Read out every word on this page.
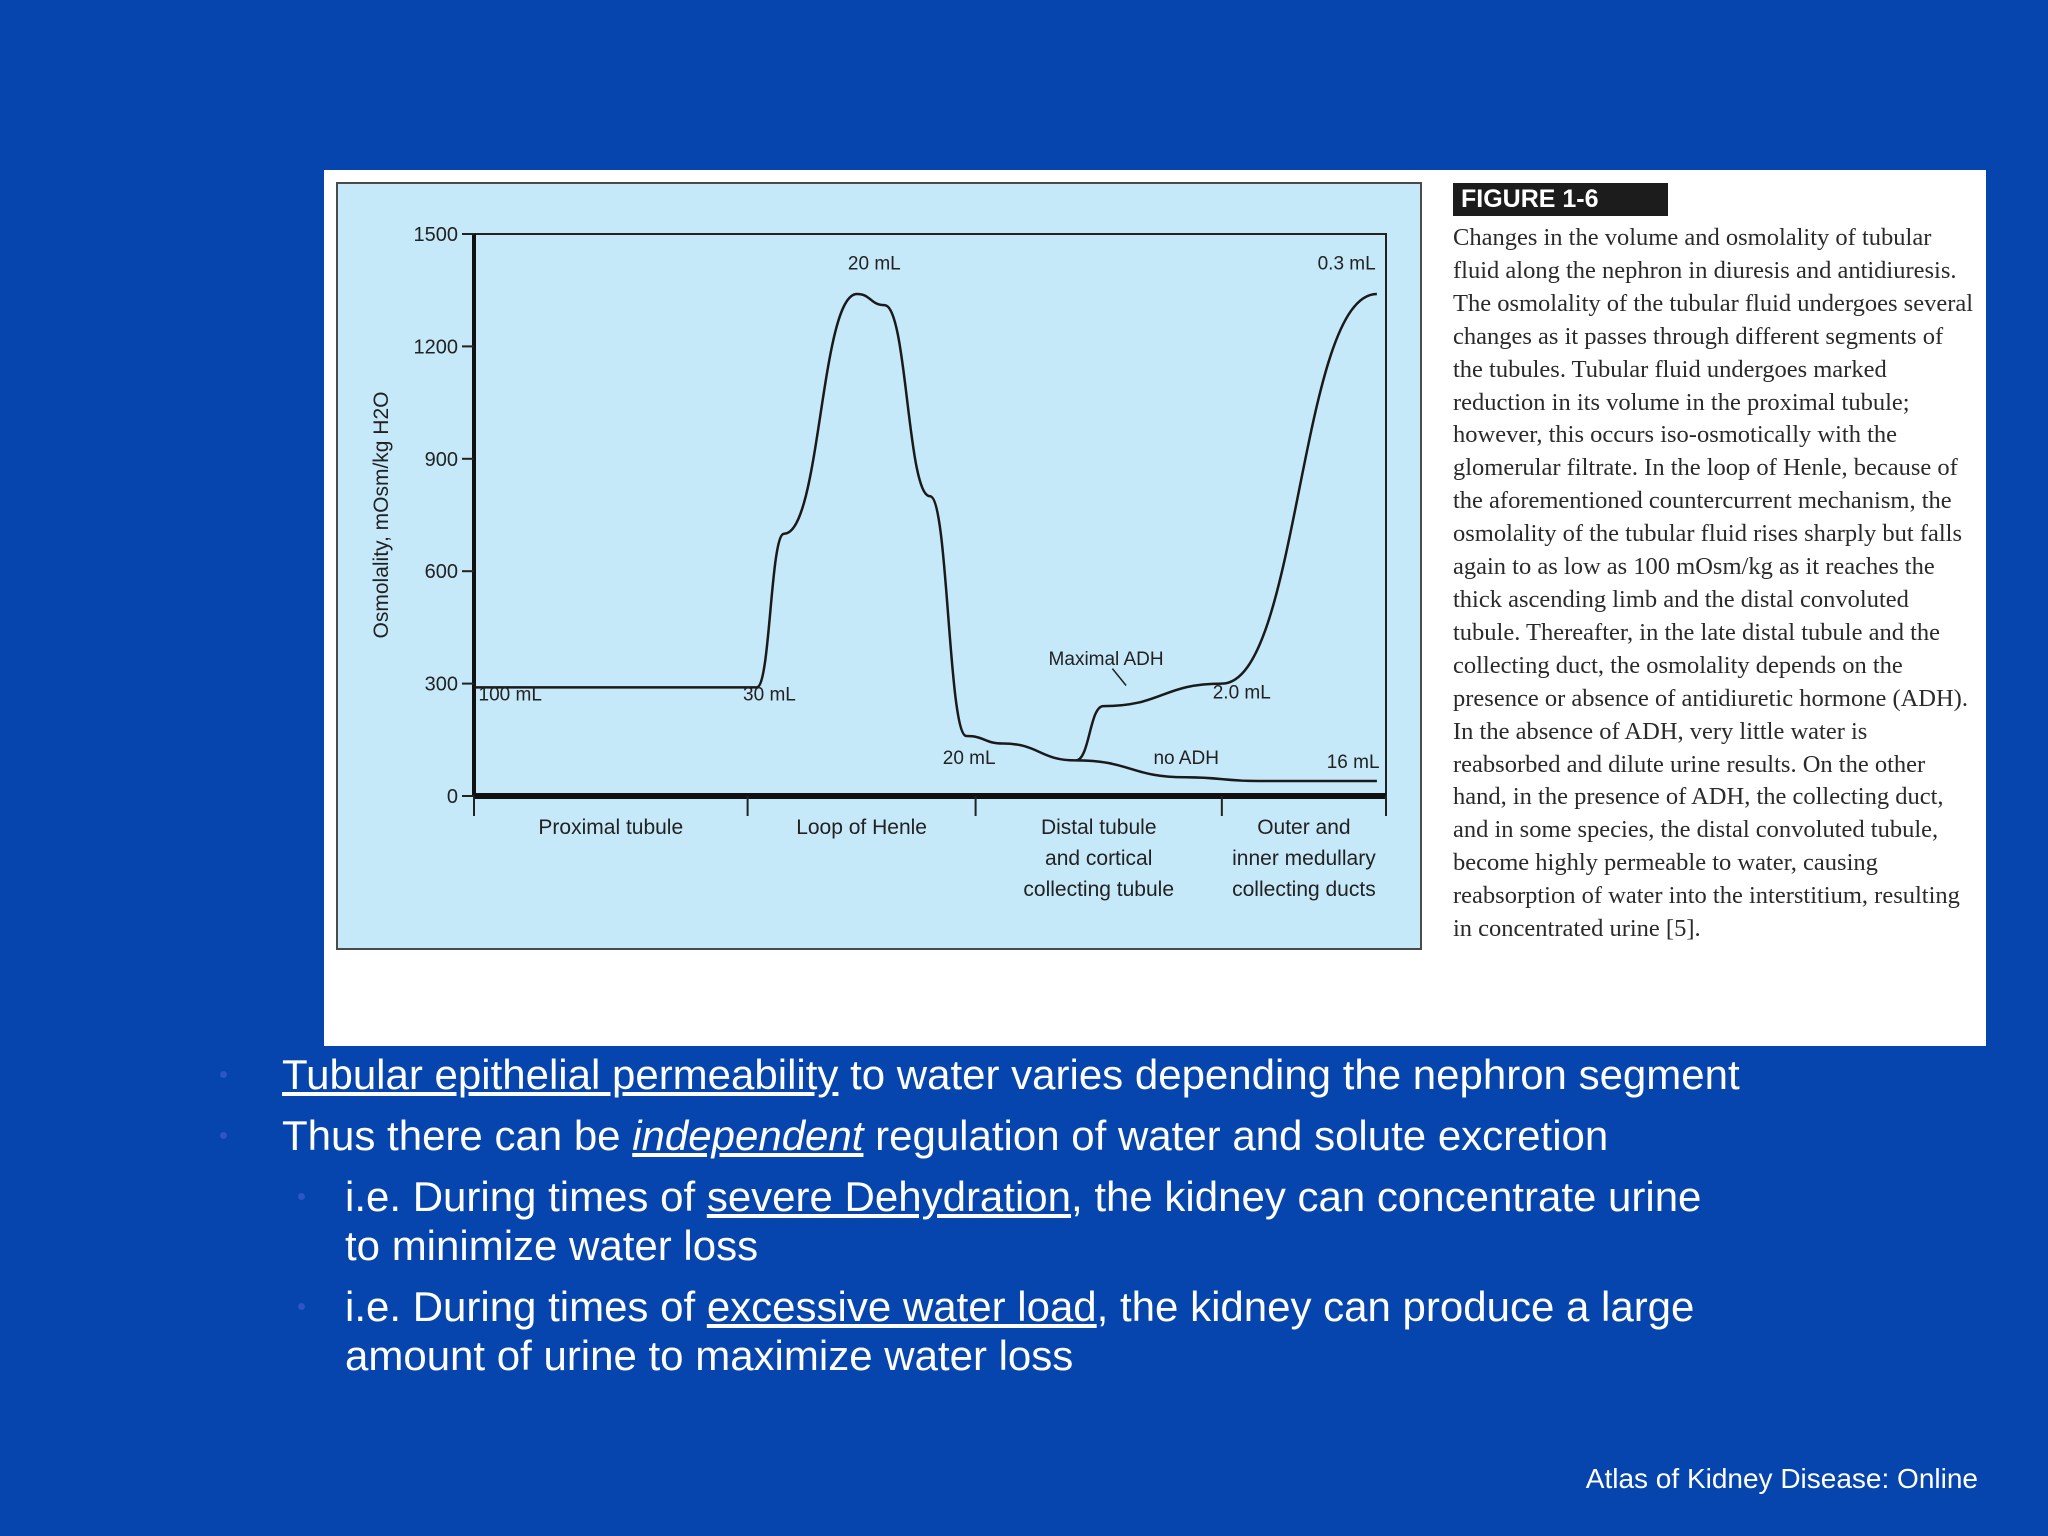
1500
1200
900
600
300
0
Osmolality, mOsm/kg H2O
Proximal tubule	Loop of Henle	Distal tubule
and cortical
collecting tubule
Outer and
inner medullary
collecting ducts
100 mL	30 mL
20 mL
20 mL
Maximal ADH
2.0 mL
no ADH
0.3 mL
16 mL
FIGURE 1-6

Changes in the volume and osmolality of tubular fluid along the nephron in diuresis and antidiuresis. The osmolality of the tubular fluid undergoes several changes as it passes through different segments of the tubules. Tubular fluid undergoes marked reduction in its volume in the proximal tubule; however, this occurs iso-osmotically with the glomerular filtrate. In the loop of Henle, because of the aforementioned countercurrent mechanism, the osmolality of the tubular fluid rises sharply but falls again to as low as 100 mOsm/kg as it reaches the thick ascending limb and the distal convoluted tubule. Thereafter, in the late distal tubule and the collecting duct, the osmolality depends on the presence or absence of antidiuretic hormone (ADH). In the absence of ADH, very little water is reabsorbed and dilute urine results. On the other hand, in the presence of ADH, the collecting duct, and in some species, the distal convoluted tubule, become highly permeable to water, causing reabsorption of water into the interstitium, resulting in concentrated urine [5].

Tubular epithelial permeability to water varies depending the nephron segment
Thus there can be independent regulation of water and solute excretion
i.e. During times of severe Dehydration, the kidney can concentrate urine to minimize water loss
i.e. During times of excessive water load, the kidney can produce a large amount of urine to maximize water loss
Atlas of Kidney Disease: Online
